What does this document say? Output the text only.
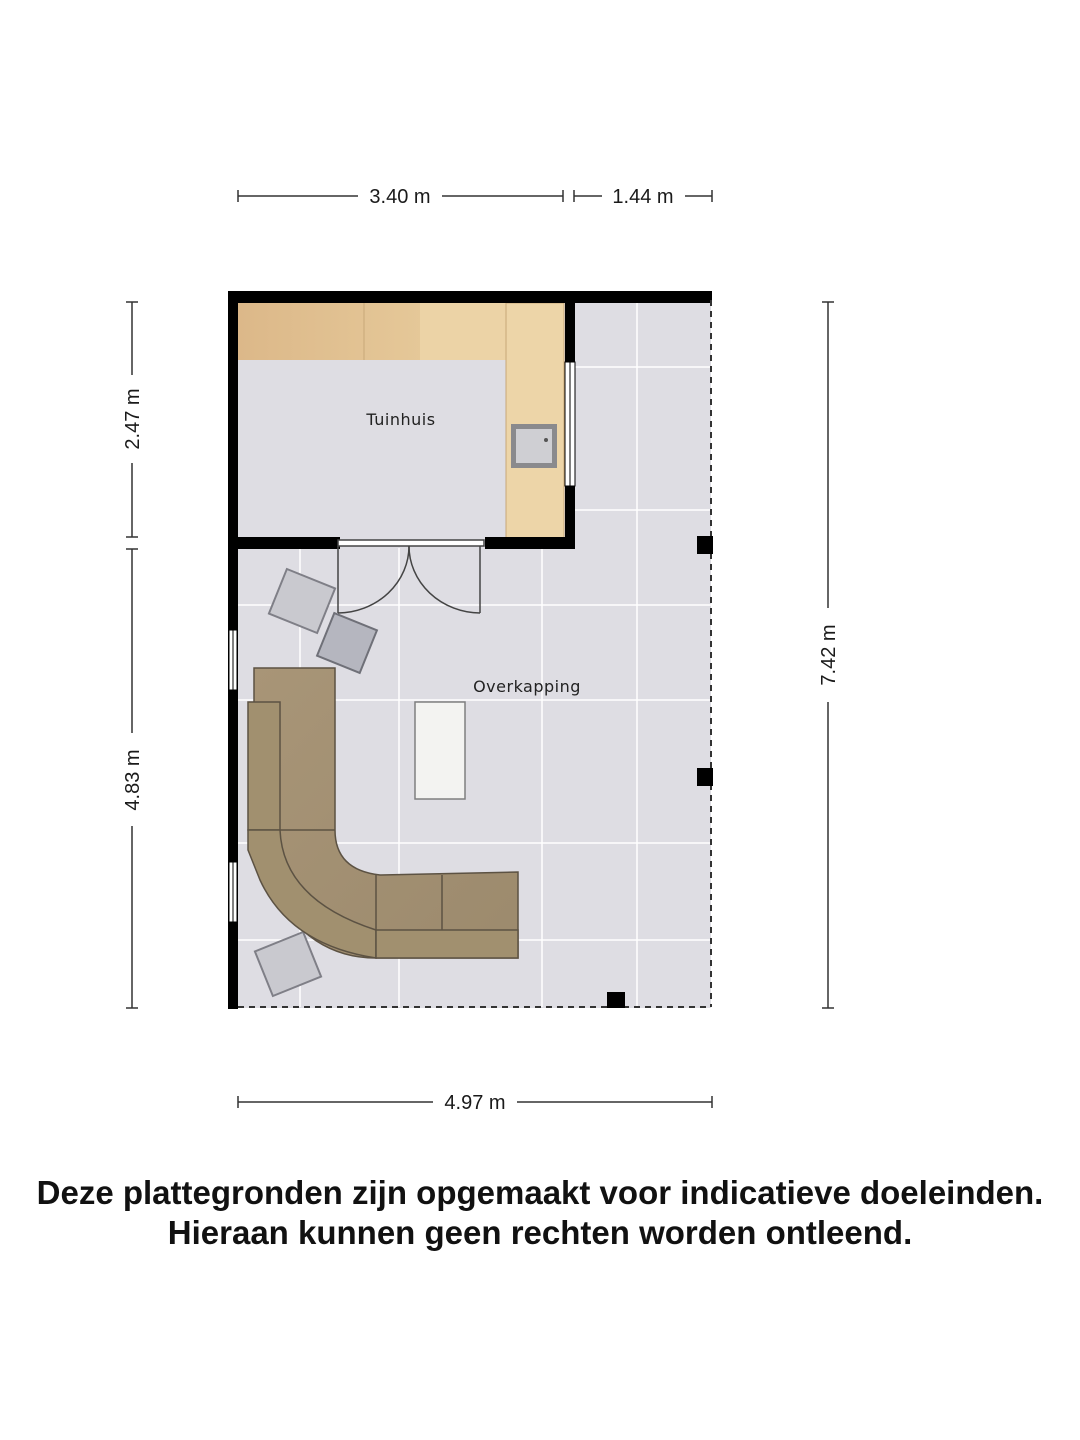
Tuinhuis
Overkapping
3.40 m	1.44 m
2.47 m
4.83 m
7.42 m
4.97 m
Deze plattegronden zijn opgemaakt voor indicatieve doeleinden.
Hieraan kunnen geen rechten worden ontleend.
